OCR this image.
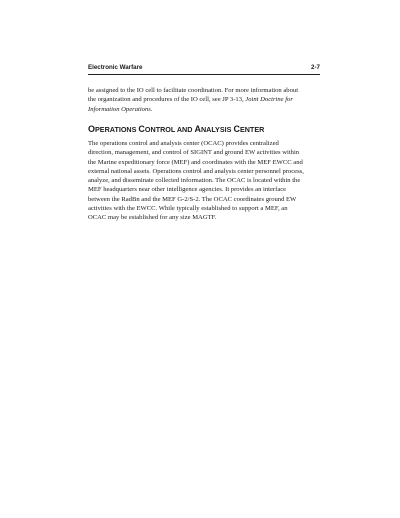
Electronic Warfare	2-7
be assigned to the IO cell to facilitate coordination. For more information about
the organization and procedures of the IO cell, see JP 3-13, Joint Doctrine for
Information Operations.
OPERATIONS CONTROL AND ANALYSIS CENTER
The operations control and analysis center (OCAC) provides centralized
direction, management, and control of SIGINT and ground EW activities within
the Marine expeditionary force (MEF) and coordinates with the MEF EWCC and
external national assets. Operations control and analysis center personnel process,
analyze, and disseminate collected information. The OCAC is located within the
MEF headquarters near other intelligence agencies. It provides an interface
between the RadBn and the MEF G-2/S-2. The OCAC coordinates ground EW
activities with the EWCC. While typically established to support a MEF, an
OCAC may be established for any size MAGTF.
